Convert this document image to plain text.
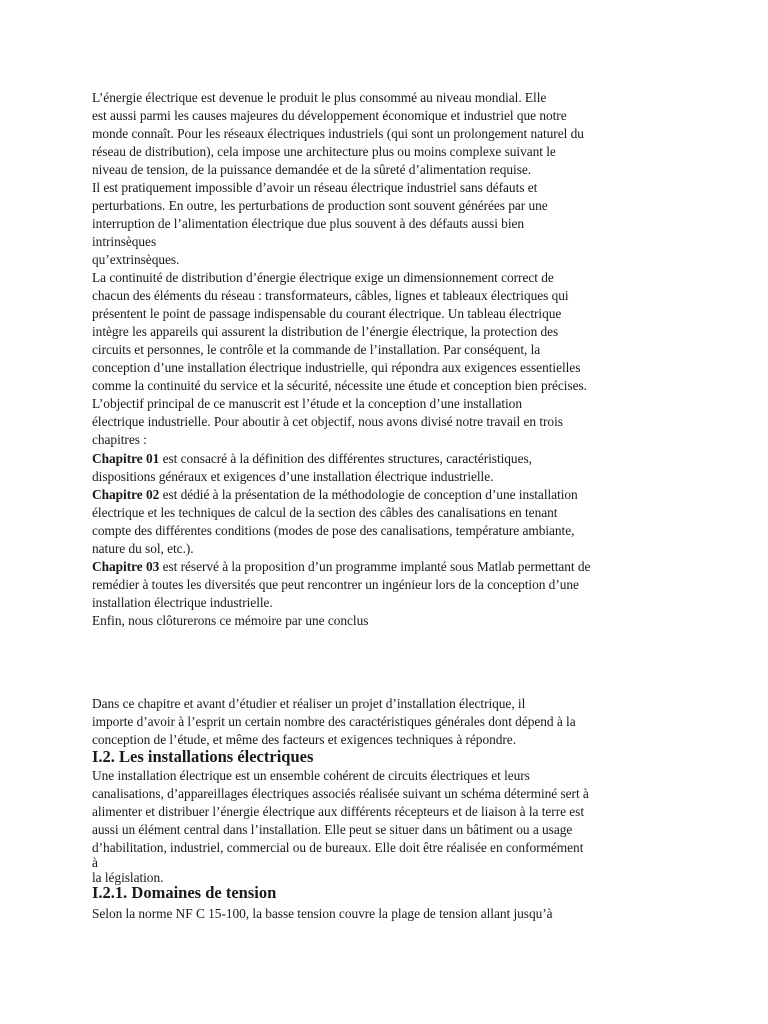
L’énergie électrique est devenue le produit le plus consommé au niveau mondial. Elle
est aussi parmi les causes majeures du développement économique et industriel que notre
monde connaît. Pour les réseaux électriques industriels (qui sont un prolongement naturel du
réseau de distribution), cela impose une architecture plus ou moins complexe suivant le
niveau de tension, de la puissance demandée et de la sûreté d’alimentation requise.
Il est pratiquement impossible d’avoir un réseau électrique industriel sans défauts et
perturbations. En outre, les perturbations de production sont souvent générées par une
interruption de l’alimentation électrique due plus souvent à des défauts aussi bien
intrinsèques
qu’extrinsèques.
La continuité de distribution d’énergie électrique exige un dimensionnement correct de
chacun des éléments du réseau : transformateurs, câbles, lignes et tableaux électriques qui
présentent le point de passage indispensable du courant électrique. Un tableau électrique
intègre les appareils qui assurent la distribution de l’énergie électrique, la protection des
circuits et personnes, le contrôle et la commande de l’installation. Par conséquent, la
conception d’une installation électrique industrielle, qui répondra aux exigences essentielles
comme la continuité du service et la sécurité, nécessite une étude et conception bien précises.
L’objectif principal de ce manuscrit est l’étude et la conception d’une installation
électrique industrielle. Pour aboutir à cet objectif, nous avons divisé notre travail en trois
chapitres :
Chapitre 01 est consacré à la définition des différentes structures, caractéristiques,
dispositions généraux et exigences d’une installation électrique industrielle.
Chapitre 02 est dédié à la présentation de la méthodologie de conception d’une installation
électrique et les techniques de calcul de la section des câbles des canalisations en tenant
compte des différentes conditions (modes de pose des canalisations, température ambiante,
nature du sol, etc.).
Chapitre 03 est réservé à la proposition d’un programme implanté sous Matlab permettant de
remédier à toutes les diversités que peut rencontrer un ingénieur lors de la conception d’une
installation électrique industrielle.
Enfin, nous clôturerons ce mémoire par une conclus
Dans ce chapitre et avant d’étudier et réaliser un projet d’installation électrique, il
importe d’avoir à l’esprit un certain nombre des caractéristiques générales dont dépend à la
conception de l’étude, et même des facteurs et exigences techniques à répondre.
I.2. Les installations électriques
Une installation électrique est un ensemble cohérent de circuits électriques et leurs
canalisations, d’appareillages électriques associés réalisée suivant un schéma déterminé sert à
alimenter et distribuer l’énergie électrique aux différents récepteurs et de liaison à la terre est
aussi un élément central dans l’installation. Elle peut se situer dans un bâtiment ou a usage
d’habilitation, industriel, commercial ou de bureaux. Elle doit être réalisée en conformément
à
la législation.
I.2.1. Domaines de tension
Selon la norme NF C 15-100, la basse tension couvre la plage de tension allant jusqu’à
